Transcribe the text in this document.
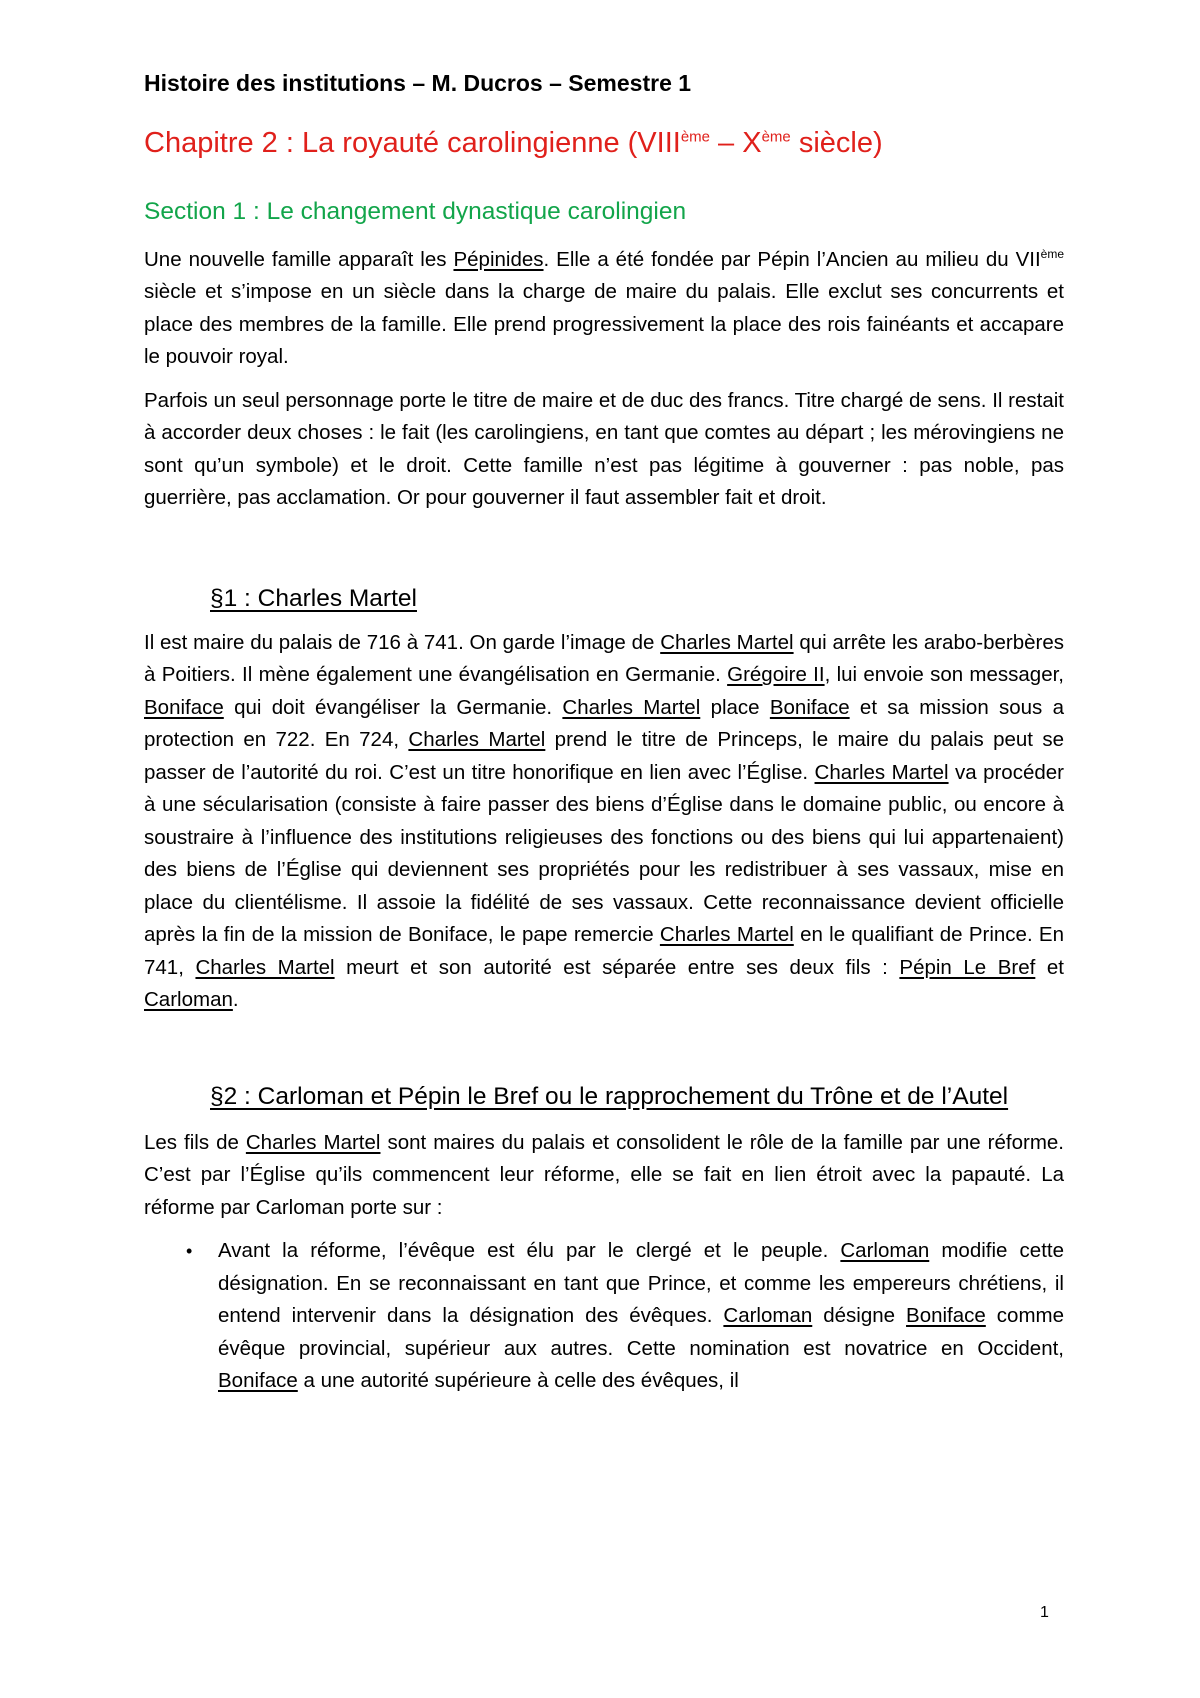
Histoire des institutions – M. Ducros – Semestre 1
Chapitre 2 : La royauté carolingienne (VIIIème – Xème siècle)
Section 1 : Le changement dynastique carolingien

Une nouvelle famille apparaît les Pépinides. Elle a été fondée par Pépin l’Ancien au milieu du VIIème siècle et s’impose en un siècle dans la charge de maire du palais. Elle exclut ses concurrents et place des membres de la famille. Elle prend progressivement la place des rois fainéants et accapare le pouvoir royal.

Parfois un seul personnage porte le titre de maire et de duc des francs. Titre chargé de sens. Il restait à accorder deux choses : le fait (les carolingiens, en tant que comtes au départ ; les mérovingiens ne sont qu’un symbole) et le droit. Cette famille n’est pas légitime à gouverner : pas noble, pas guerrière, pas acclamation. Or pour gouverner il faut assembler fait et droit.

§1 : Charles Martel

Il est maire du palais de 716 à 741. On garde l’image de Charles Martel qui arrête les arabo-berbères à Poitiers. Il mène également une évangélisation en Germanie. Grégoire II, lui envoie son messager, Boniface qui doit évangéliser la Germanie. Charles Martel place Boniface et sa mission sous a protection en 722. En 724, Charles Martel prend le titre de Princeps, le maire du palais peut se passer de l’autorité du roi. C’est un titre honorifique en lien avec l’Église. Charles Martel va procéder à une sécularisation (consiste à faire passer des biens d’Église dans le domaine public, ou encore à soustraire à l’influence des institutions religieuses des fonctions ou des biens qui lui appartenaient) des biens de l’Église qui deviennent ses propriétés pour les redistribuer à ses vassaux, mise en place du clientélisme. Il assoie la fidélité de ses vassaux. Cette reconnaissance devient officielle après la fin de la mission de Boniface, le pape remercie Charles Martel en le qualifiant de Prince. En 741, Charles Martel meurt et son autorité est séparée entre ses deux fils : Pépin Le Bref et Carloman.

§2 : Carloman et Pépin le Bref ou le rapprochement du Trône et de l’Autel

Les fils de Charles Martel sont maires du palais et consolident le rôle de la famille par une réforme. C’est par l’Église qu’ils commencent leur réforme, elle se fait en lien étroit avec la papauté. La réforme par Carloman porte sur :

• Avant la réforme, l’évêque est élu par le clergé et le peuple. Carloman modifie cette désignation. En se reconnaissant en tant que Prince, et comme les empereurs chrétiens, il entend intervenir dans la désignation des évêques. Carloman désigne Boniface comme évêque provincial, supérieur aux autres. Cette nomination est novatrice en Occident, Boniface a une autorité supérieure à celle des évêques, il
1
